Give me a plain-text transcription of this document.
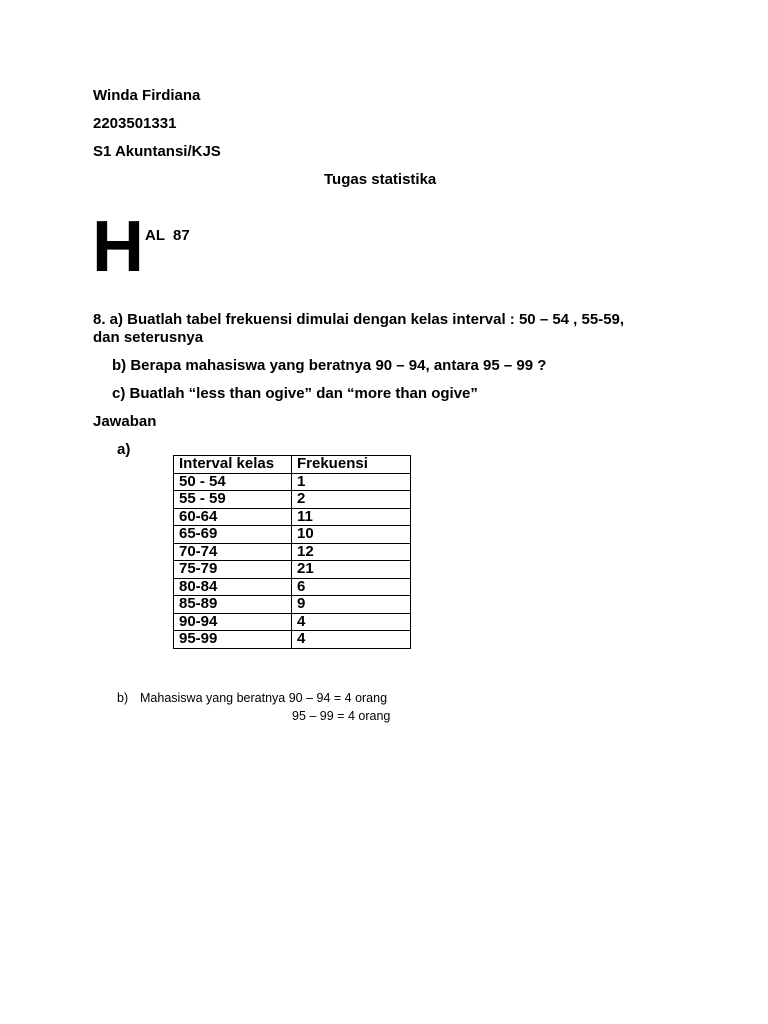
Winda Firdiana
2203501331
S1 Akuntansi/KJS
Tugas statistika
H AL  87
8. a) Buatlah tabel frekuensi dimulai dengan kelas interval : 50 – 54 , 55-59,
dan seterusnya
b) Berapa mahasiswa yang beratnya 90 – 94, antara 95 – 99 ?
c) Buatlah “less than ogive” dan “more than ogive”
Jawaban
a)
Interval kelas	Frekuensi
50 - 54	1
55 - 59	2
60-64	11
65-69	10
70-74	12
75-79	21
80-84	6
85-89	9
90-94	4
95-99	4
b) Mahasiswa yang beratnya 90 – 94 = 4 orang
95 – 99 = 4 orang
